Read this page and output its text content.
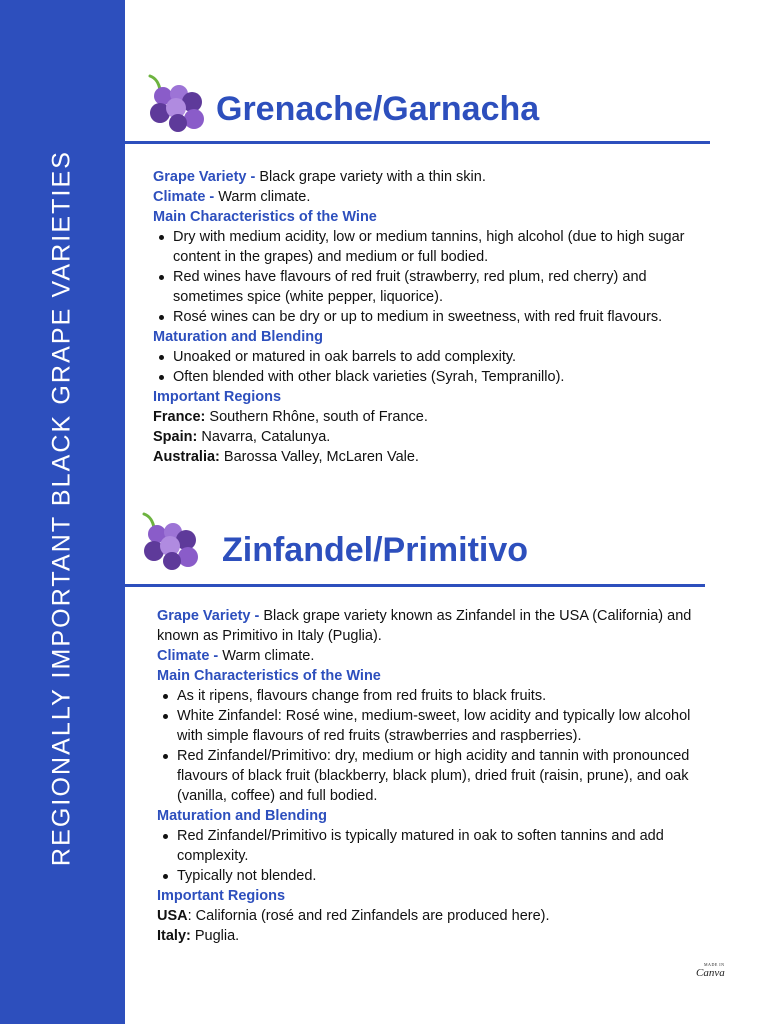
REGIONALLY IMPORTANT BLACK GRAPE VARIETIES
Grenache/Garnacha

Grape Variety - Black grape variety with a thin skin.

Climate - Warm climate.

Main Characteristics of the Wine

Dry with medium acidity, low or medium tannins, high alcohol (due to high sugar content in the grapes) and medium or full bodied.
Red wines have flavours of red fruit (strawberry, red plum, red cherry) and sometimes spice (white pepper, liquorice).
Rosé wines can be dry or up to medium in sweetness, with red fruit flavours.

Maturation and Blending

Unoaked or matured in oak barrels to add complexity.
Often blended with other black varieties (Syrah, Tempranillo).

Important Regions

France: Southern Rhône, south of France.

Spain: Navarra, Catalunya.

Australia: Barossa Valley, McLaren Vale.

Zinfandel/Primitivo

Grape Variety - Black grape variety known as Zinfandel in the USA (California) and known as Primitivo in Italy (Puglia).

Climate - Warm climate.

Main Characteristics of the Wine

As it ripens, flavours change from red fruits to black fruits.
White Zinfandel: Rosé wine, medium-sweet, low acidity and typically low alcohol with simple flavours of red fruits (strawberries and raspberries).
Red Zinfandel/Primitivo: dry, medium or high acidity and tannin with pronounced flavours of black fruit (blackberry, black plum), dried fruit (raisin, prune), and oak (vanilla, coffee) and full bodied.

Maturation and Blending

Red Zinfandel/Primitivo is typically matured in oak to soften tannins and add complexity.
Typically not blended.

Important Regions

USA: California (rosé and red Zinfandels are produced here).

Italy: Puglia.

MADE IN
Canva
